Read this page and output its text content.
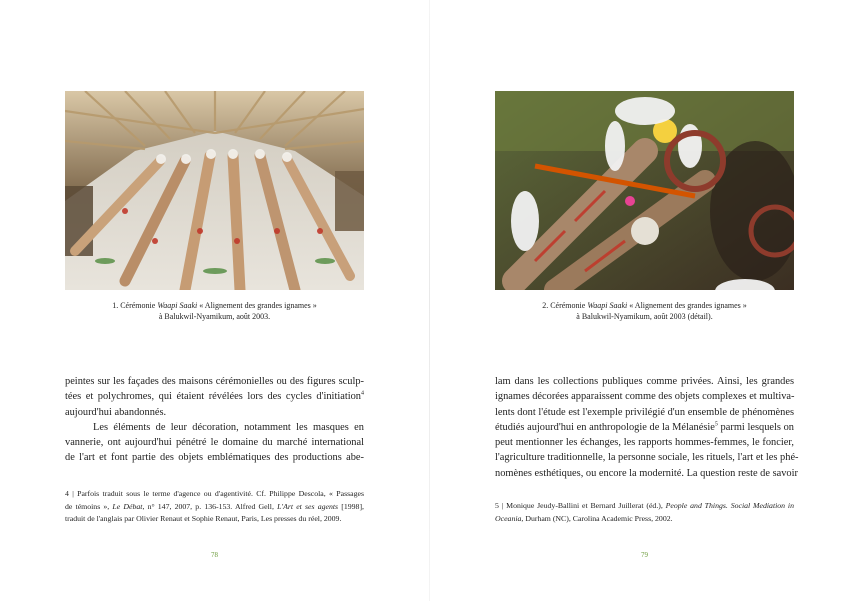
1. Cérémonie Waapi Saaki « Alignement des grandes ignames »
à Balukwil-Nyamikum, août 2003.
peintes sur les façades des maisons cérémonielles ou des figures sculp-
tées et polychromes, qui étaient révélées lors des cycles d'initiation$^4$
aujourd'hui abandonnés.
Les éléments de leur décoration, notamment les masques en
vannerie, ont aujourd'hui pénétré le domaine du marché international
de l'art et font partie des objets emblématiques des productions abe-
4 | Parfois traduit sous le terme d'agence ou d'agentivité. Cf. Philippe Descola, « Passages
de témoins », Le Débat, n° 147, 2007, p. 136-153. Alfred Gell, L'Art et ses agents [1998],
traduit de l'anglais par Olivier Renaut et Sophie Renaut, Paris, Les presses du réel, 2009.
78
2. Cérémonie Waapi Saaki « Alignement des grandes ignames »
à Balukwil-Nyamikum, août 2003 (détail).
lam dans les collections publiques comme privées. Ainsi, les grandes
ignames décorées apparaissent comme des objets complexes et multiva-
lents dont l'étude est l'exemple privilégié d'un ensemble de phénomènes
étudiés aujourd'hui en anthropologie de la Mélanésie$^5$ parmi lesquels on
peut mentionner les échanges, les rapports hommes-femmes, le foncier,
l'agriculture traditionnelle, la personne sociale, les rituels, l'art et les phé-
nomènes esthétiques, ou encore la modernité. La question reste de savoir
5 | Monique Jeudy-Ballini et Bernard Juillerat (éd.), People and Things. Social Mediation in
Oceania, Durham (NC), Carolina Academic Press, 2002.
79
